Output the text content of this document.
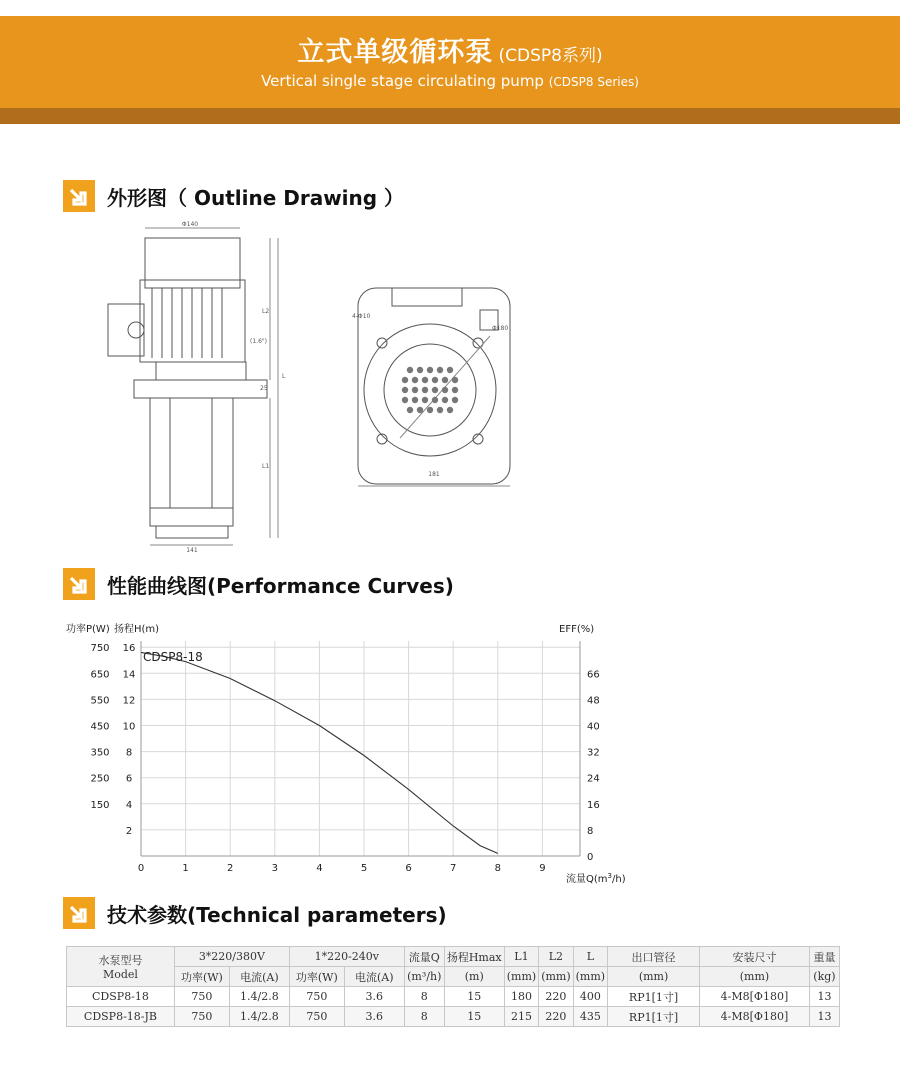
立式单级循环泵 (CDSP8系列)
Vertical single stage circulating pump (CDSP8 Series)
外形图（ Outline Drawing ）
Φ140
L2
L
L1
(1.6")
25
141
4-Φ10
Φ180
181
性能曲线图(Performance Curves)
0	1	2	3	4	5	6	7	8	9
16
14
12
10
8
6
4
2
750
650
550
450
350
250
150
66
48
40
32
24
16
8
0
CDSP8-18
功率P(W) 扬程H(m)	EFF(%)
流量$Q(m^3/h)$
技术参数(Technical parameters)
水泵型号
Model	3*220/380V		1*220-240v		流量Q	扬程Hmax	L1	L2	L	出口管径	安装尺寸	重量
	功率(W)	电流(A)	功率(W)	电流(A)	(m³/h)	(m)	(mm)	(mm)	(mm)	(mm)	(mm)	(kg)
CDSP8-18	750	1.4/2.8	750	3.6	8	15	180	220	400	RP1[1寸]	4-M8[Φ180]	13
CDSP8-18-JB	750	1.4/2.8	750	3.6	8	15	215	220	435	RP1[1寸]	4-M8[Φ180]	13
